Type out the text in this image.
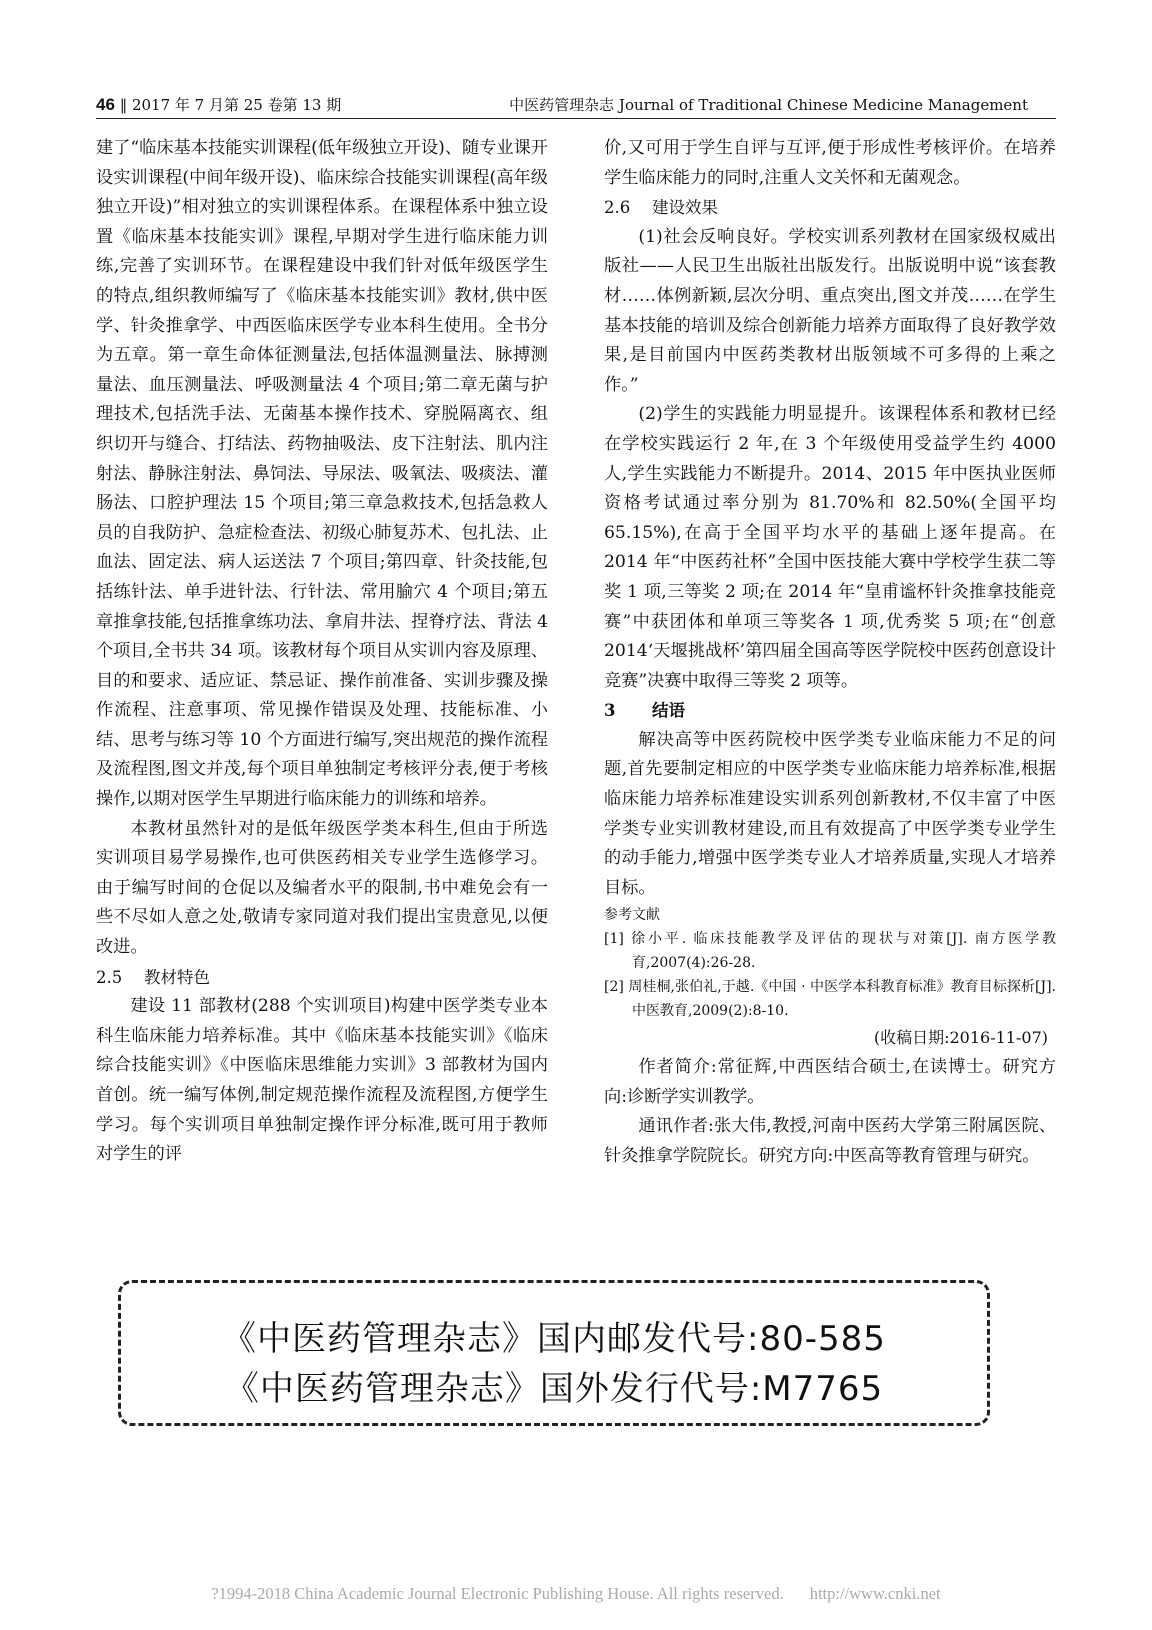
46 ‖ 2017 年 7 月第 25 卷第 13 期	中医药管理杂志 Journal of Traditional Chinese Medicine Management

建了“临床基本技能实训课程(低年级独立开设)、随专业课开设实训课程(中间年级开设)、临床综合技能实训课程(高年级独立开设)”相对独立的实训课程体系。在课程体系中独立设置《临床基本技能实训》课程,早期对学生进行临床能力训练,完善了实训环节。在课程建设中我们针对低年级医学生的特点,组织教师编写了《临床基本技能实训》教材,供中医学、针灸推拿学、中西医临床医学专业本科生使用。全书分为五章。第一章生命体征测量法,包括体温测量法、脉搏测量法、血压测量法、呼吸测量法 4 个项目;第二章无菌与护理技术,包括洗手法、无菌基本操作技术、穿脱隔离衣、组织切开与缝合、打结法、药物抽吸法、皮下注射法、肌内注射法、静脉注射法、鼻饲法、导尿法、吸氧法、吸痰法、灌肠法、口腔护理法 15 个项目;第三章急救技术,包括急救人员的自我防护、急症检查法、初级心肺复苏术、包扎法、止血法、固定法、病人运送法 7 个项目;第四章、针灸技能,包括练针法、单手进针法、行针法、常用腧穴 4 个项目;第五章推拿技能,包括推拿练功法、拿肩井法、捏脊疗法、背法 4 个项目,全书共 34 项。该教材每个项目从实训内容及原理、目的和要求、适应证、禁忌证、操作前准备、实训步骤及操作流程、注意事项、常见操作错误及处理、技能标准、小结、思考与练习等 10 个方面进行编写,突出规范的操作流程及流程图,图文并茂,每个项目单独制定考核评分表,便于考核操作,以期对医学生早期进行临床能力的训练和培养。

本教材虽然针对的是低年级医学类本科生,但由于所选实训项目易学易操作,也可供医药相关专业学生选修学习。由于编写时间的仓促以及编者水平的限制,书中难免会有一些不尽如人意之处,敬请专家同道对我们提出宝贵意见,以便改进。

2.5 教材特色

建设 11 部教材(288 个实训项目)构建中医学类专业本科生临床能力培养标准。其中《临床基本技能实训》《临床综合技能实训》《中医临床思维能力实训》3 部教材为国内首创。统一编写体例,制定规范操作流程及流程图,方便学生学习。每个实训项目单独制定操作评分标准,既可用于教师对学生的评

价,又可用于学生自评与互评,便于形成性考核评价。在培养学生临床能力的同时,注重人文关怀和无菌观念。

2.6 建设效果

(1)社会反响良好。学校实训系列教材在国家级权威出版社——人民卫生出版社出版发行。出版说明中说“该套教材……体例新颖,层次分明、重点突出,图文并茂……在学生基本技能的培训及综合创新能力培养方面取得了良好教学效果,是目前国内中医药类教材出版领域不可多得的上乘之作。”

(2)学生的实践能力明显提升。该课程体系和教材已经在学校实践运行 2 年,在 3 个年级使用受益学生约 4000 人,学生实践能力不断提升。2014、2015 年中医执业医师资格考试通过率分别为 81.70%和 82.50%(全国平均 65.15%),在高于全国平均水平的基础上逐年提高。在 2014 年“中医药社杯”全国中医技能大赛中学校学生获二等奖 1 项,三等奖 2 项;在 2014 年“皇甫谧杯针灸推拿技能竞赛”中获团体和单项三等奖各 1 项,优秀奖 5 项;在“创意 2014‘天堰挑战杯’第四届全国高等医学院校中医药创意设计竞赛”决赛中取得三等奖 2 项等。

3 结语

解决高等中医药院校中医学类专业临床能力不足的问题,首先要制定相应的中医学类专业临床能力培养标准,根据临床能力培养标准建设实训系列创新教材,不仅丰富了中医学类专业实训教材建设,而且有效提高了中医学类专业学生的动手能力,增强中医学类专业人才培养质量,实现人才培养目标。

参考文献

[1] 徐小平. 临床技能教学及评估的现状与对策[J]. 南方医学教育,2007(4):26-28.

[2] 周桂桐,张伯礼,于越.《中国 · 中医学本科教育标准》教育目标探析[J]. 中医教育,2009(2):8-10.

(收稿日期:2016-11-07)

作者简介:常征辉,中西医结合硕士,在读博士。研究方向:诊断学实训教学。

通讯作者:张大伟,教授,河南中医药大学第三附属医院、针灸推拿学院院长。研究方向:中医高等教育管理与研究。

《中医药管理杂志》国内邮发代号:80-585
《中医药管理杂志》国外发行代号:M7765
?1994-2018 China Academic Journal Electronic Publishing House. All rights reserved. http://www.cnki.net
